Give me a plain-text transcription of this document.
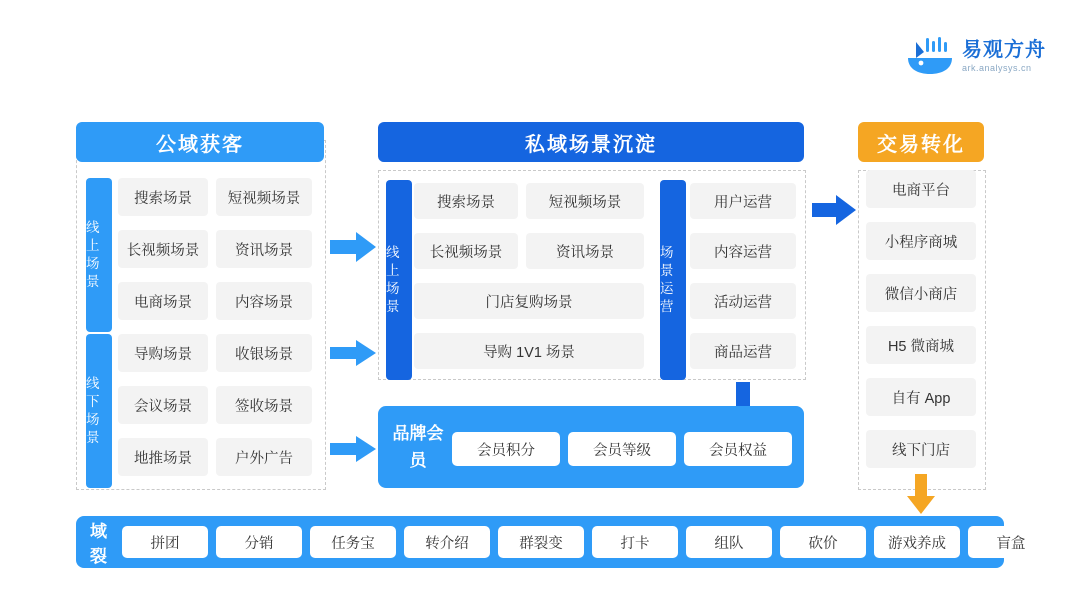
易观方舟
ark.analysys.cn
公域获客
线上场景
搜索场景 短视频场景
长视频场景 资讯场景
电商场景	内容场景
线下场景
导购场景	收银场景
会议场景	签收场景
地推场景	户外广告
私域场景沉淀
线上场景
搜索场景	短视频场景
长视频场景	资讯场景
门店复购场景
导购 1V1 场景
场景运营
用户运营
内容运营
活动运营
商品运营
品牌会员
会员积分	会员等级	会员权益
交易转化
电商平台
小程序商城
微信小商店
H5 微商城
自有 App
线下门店
私域裂变
拼团	分销	任务宝	转介绍	群裂变	打卡	组队	砍价	游戏养成	盲盒
